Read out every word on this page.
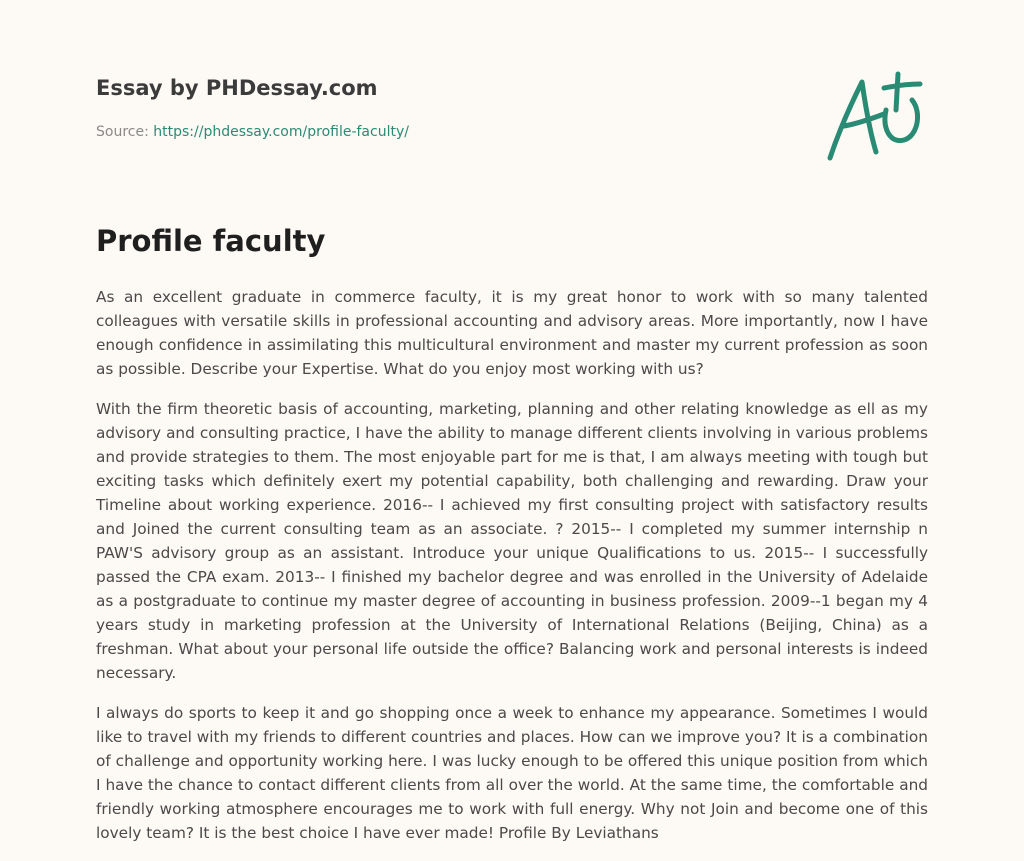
Essay by PHDessay.com
Source: https://phdessay.com/profile-faculty/
Profile faculty

As an excellent graduate in commerce faculty, it is my great honor to work with so many talented colleagues with versatile skills in professional accounting and advisory areas. More importantly, now I have enough confidence in assimilating this multicultural environment and master my current profession as soon as possible. Describe your Expertise. What do you enjoy most working with us?

With the firm theoretic basis of accounting, marketing, planning and other relating knowledge as ell as my advisory and consulting practice, I have the ability to manage different clients involving in various problems and provide strategies to them. The most enjoyable part for me is that, I am always meeting with tough but exciting tasks which definitely exert my potential capability, both challenging and rewarding. Draw your Timeline about working experience. 2016-- I achieved my first consulting project with satisfactory results and Joined the current consulting team as an associate. ? 2015-- I completed my summer internship n PAW'S advisory group as an assistant. Introduce your unique Qualifications to us. 2015-- I successfully passed the CPA exam. 2013-- I finished my bachelor degree and was enrolled in the University of Adelaide as a postgraduate to continue my master degree of accounting in business profession. 2009--1 began my 4 years study in marketing profession at the University of International Relations (Beijing, China) as a freshman. What about your personal life outside the office? Balancing work and personal interests is indeed necessary.

I always do sports to keep it and go shopping once a week to enhance my appearance. Sometimes I would like to travel with my friends to different countries and places. How can we improve you? It is a combination of challenge and opportunity working here. I was lucky enough to be offered this unique position from which I have the chance to contact different clients from all over the world. At the same time, the comfortable and friendly working atmosphere encourages me to work with full energy. Why not Join and become one of this lovely team? It is the best choice I have ever made! Profile By Leviathans
